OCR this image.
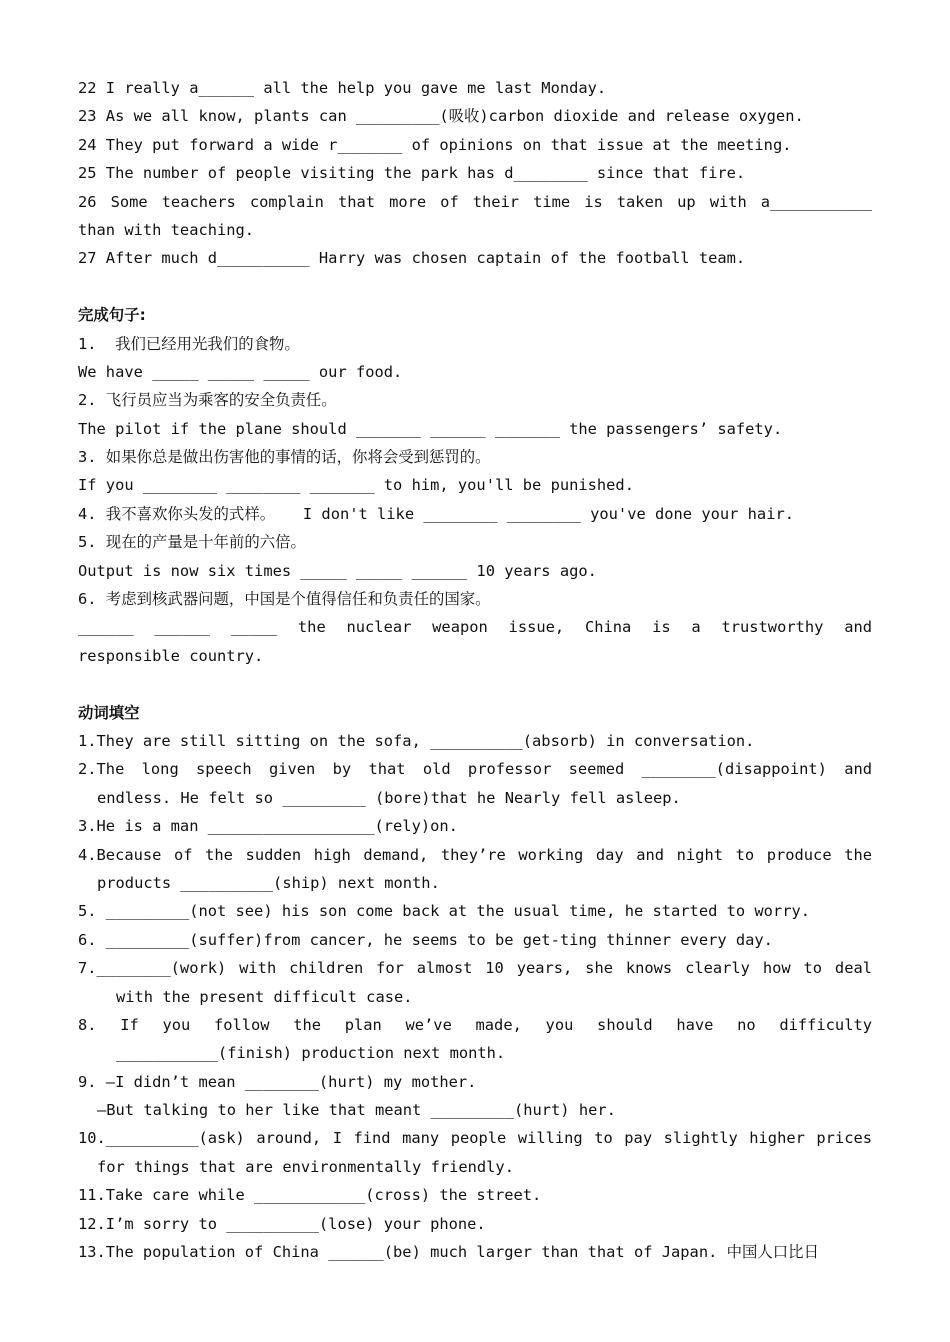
22 I really a______ all the help you gave me last Monday.
23 As we all know, plants can _________(吸收)carbon dioxide and release oxygen.
24 They put forward a wide r_______ of opinions on that issue at the meeting.
25 The number of people visiting the park has d________ since that fire.
26 Some teachers complain that more of their time is taken up with a___________
than with teaching.
27 After much d__________ Harry was chosen captain of the football team.
完成句子:
1.  我们已经用光我们的食物。
We have _____ _____ _____ our food.
2. 飞行员应当为乘客的安全负责任。
The pilot if the plane should _______ ______ _______ the passengers’ safety.
3. 如果你总是做出伤害他的事情的话，你将会受到惩罚的。
If you ________ ________ _______ to him, you'll be punished.
4. 我不喜欢你头发的式样。   I don't like ________ ________ you've done your hair.
5. 现在的产量是十年前的六倍。
Output is now six times _____ _____ ______ 10 years ago.
6. 考虑到核武器问题，中国是个值得信任和负责任的国家。
______ ______ _____ the nuclear weapon issue, China is a trustworthy and
responsible country.
动词填空
1.They are still sitting on the sofa, __________(absorb) in conversation.
2.The long speech given by that old professor seemed ________(disappoint) and
endless. He felt so _________ (bore)that he Nearly fell asleep.
3.He is a man __________________(rely)on.
4.Because of the sudden high demand, they’re working day and night to produce the
products __________(ship) next month.
5. _________(not see) his son come back at the usual time, he started to worry.
6. _________(suffer)from cancer, he seems to be get-ting thinner every day.
7.________(work) with children for almost 10 years, she knows clearly how to deal
with the present difficult case.
8. If you follow the plan we’ve made, you should have no difficulty
___________(finish) production next month.
9. —I didn’t mean ________(hurt) my mother.
—But talking to her like that meant _________(hurt) her.
10.__________(ask) around, I find many people willing to pay slightly higher prices
for things that are environmentally friendly.
11.Take care while ____________(cross) the street.
12.I’m sorry to __________(lose) your phone.
13.The population of China ______(be) much larger than that of Japan. 中国人口比日
